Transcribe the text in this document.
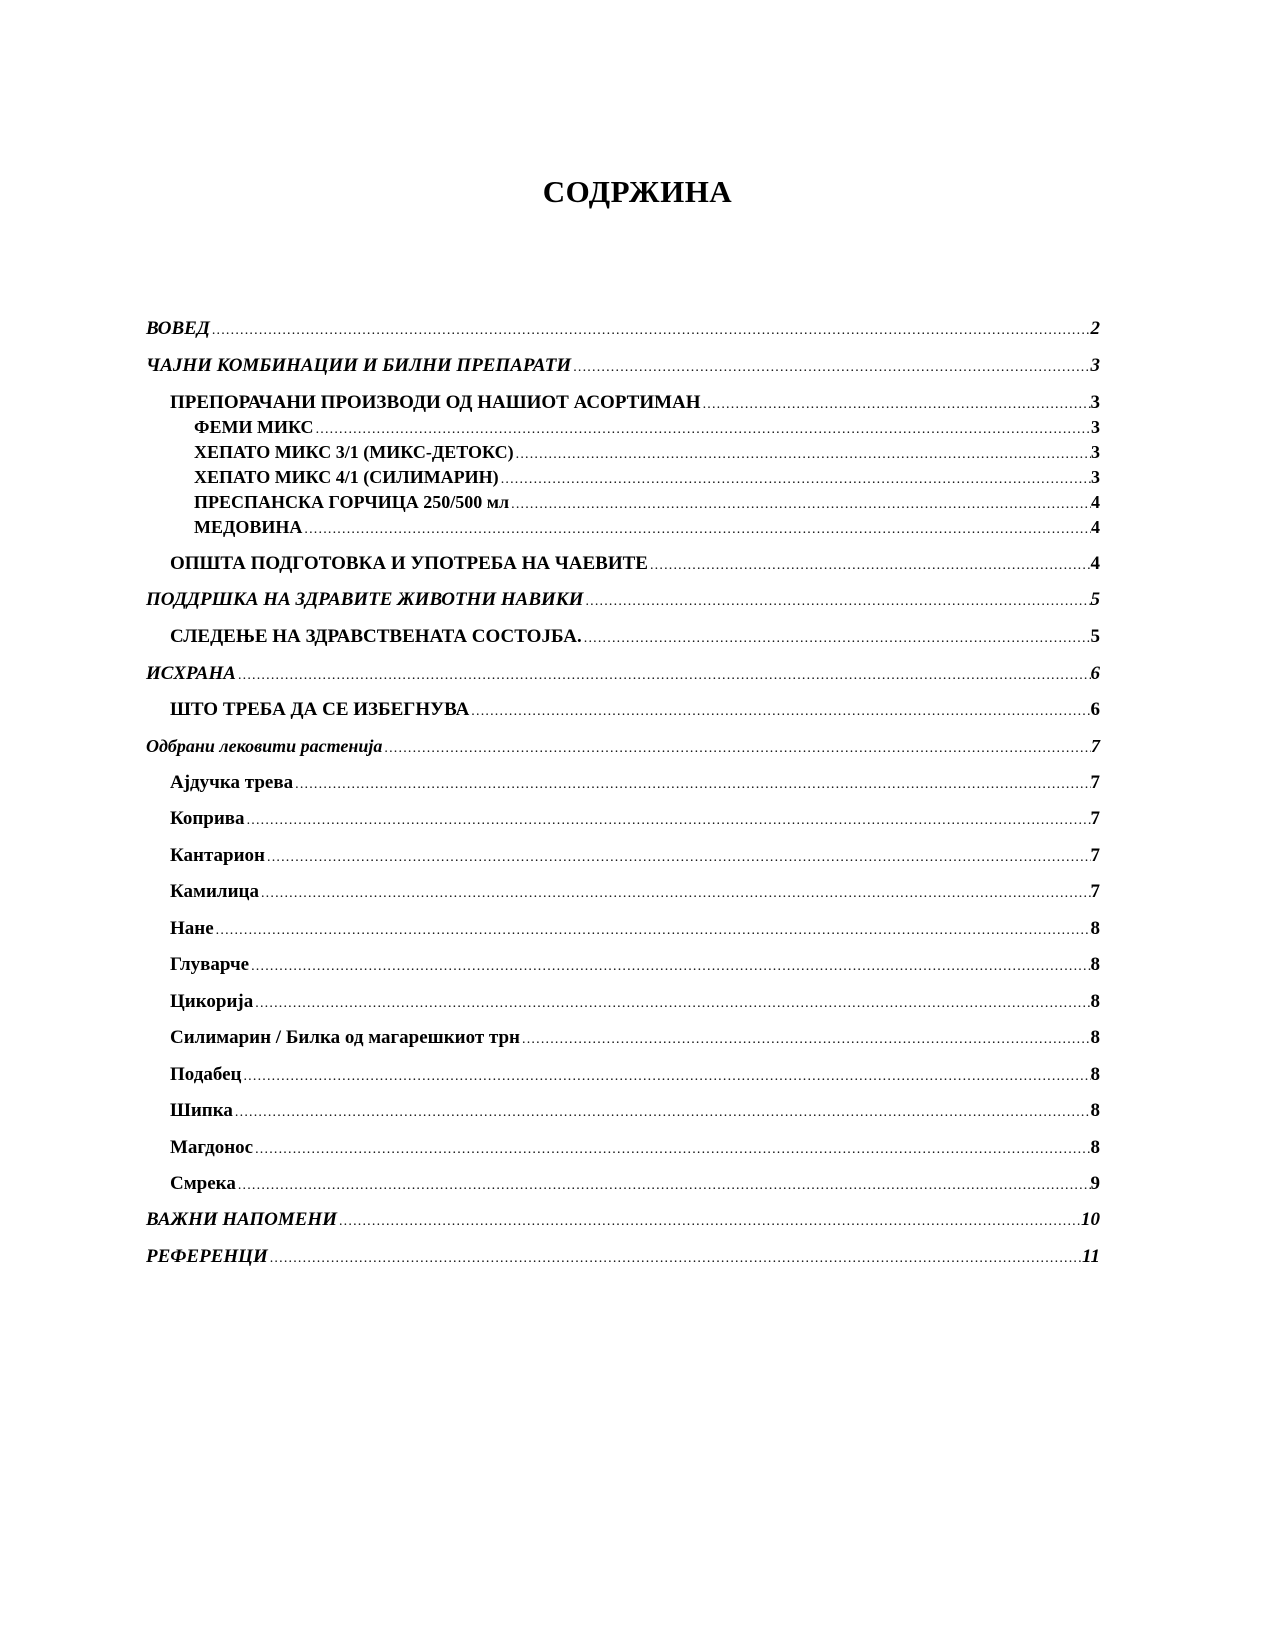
СОДРЖИНА
ВОВЕД .....	2
ЧАЈНИ КОМБИНАЦИИ И БИЛНИ ПРЕПАРАТИ .....	3
ПРЕПОРАЧАНИ ПРОИЗВОДИ ОД НАШИОТ АСОРТИМАН .....	3
ФЕМИ МИКС .....	3
ХЕПАТО МИКС 3/1 (МИКС-ДЕТОКС) .....	3
ХЕПАТО МИКС 4/1 (СИЛИМАРИН) .....	3
ПРЕСПАНСКА ГОРЧИЦА 250/500 мл .....	4
МЕДОВИНА .....	4
ОПШТА ПОДГОТОВКА И УПОТРЕБА НА ЧАЕВИТЕ .....	4
ПОДДРШКА НА ЗДРАВИТЕ ЖИВОТНИ НАВИКИ .....	5
СЛЕДЕЊЕ НА ЗДРАВСТВЕНАТА СОСТОЈБА. .....	5
ИСХРАНА .....	6
ШТО ТРЕБА ДА СЕ ИЗБЕГНУВА .....	6
Одбрани лековити растенија .....	7
Ајдучка трева .....	7
Коприва .....	7
Кантарион .....	7
Камилица .....	7
Нане .....	8
Глуварче .....	8
Цикорија .....	8
Силимарин / Билка од магарешкиот трн .....	8
Подабец .....	8
Шипка .....	8
Магдонос .....	8
Смрека .....	9
ВАЖНИ НАПОМЕНИ .....	10
РЕФЕРЕНЦИ .....	11
